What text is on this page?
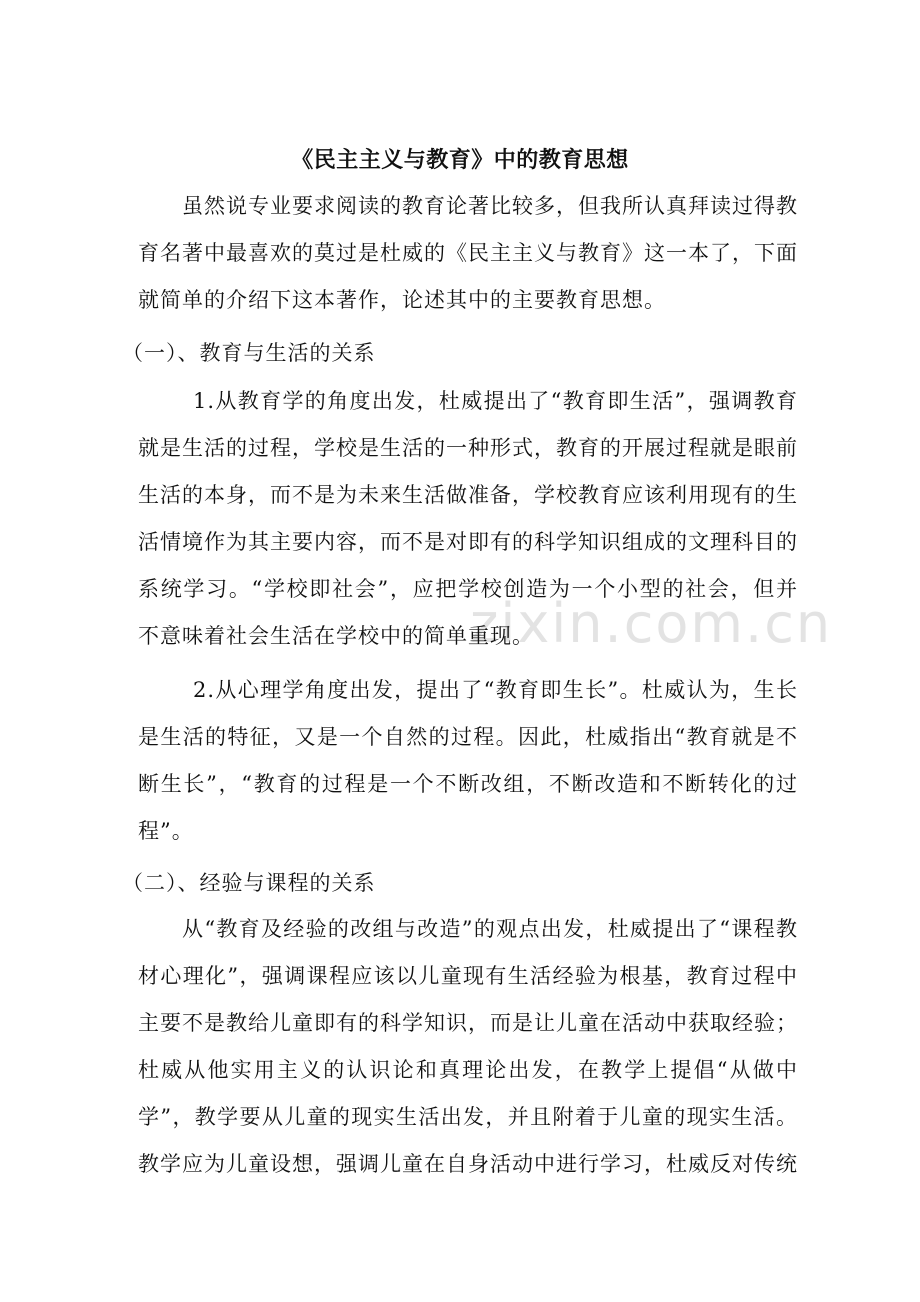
zixin.com.cn
《民主主义与教育》中的教育思想
虽然说专业要求阅读的教育论著比较多，但我所认真拜读过得教育名著中最喜欢的莫过是杜威的《民主主义与教育》这一本了，下面就简单的介绍下这本著作，论述其中的主要教育思想。
（一）、教育与生活的关系
1.从教育学的角度出发，杜威提出了“教育即生活”，强调教育就是生活的过程，学校是生活的一种形式，教育的开展过程就是眼前生活的本身，而不是为未来生活做准备，学校教育应该利用现有的生活情境作为其主要内容，而不是对即有的科学知识组成的文理科目的系统学习。“学校即社会”，应把学校创造为一个小型的社会，但并不意味着社会生活在学校中的简单重现。
2.从心理学角度出发，提出了“教育即生长”。杜威认为，生长是生活的特征，又是一个自然的过程。因此，杜威指出“教育就是不断生长”，“教育的过程是一个不断改组，不断改造和不断转化的过程”。
（二）、经验与课程的关系
从“教育及经验的改组与改造”的观点出发，杜威提出了“课程教材心理化”，强调课程应该以儿童现有生活经验为根基，教育过程中主要不是教给儿童即有的科学知识，而是让儿童在活动中获取经验；杜威从他实用主义的认识论和真理论出发，在教学上提倡“从做中学”，教学要从儿童的现实生活出发，并且附着于儿童的现实生活。教学应为儿童设想，强调儿童在自身活动中进行学习，杜威反对传统
